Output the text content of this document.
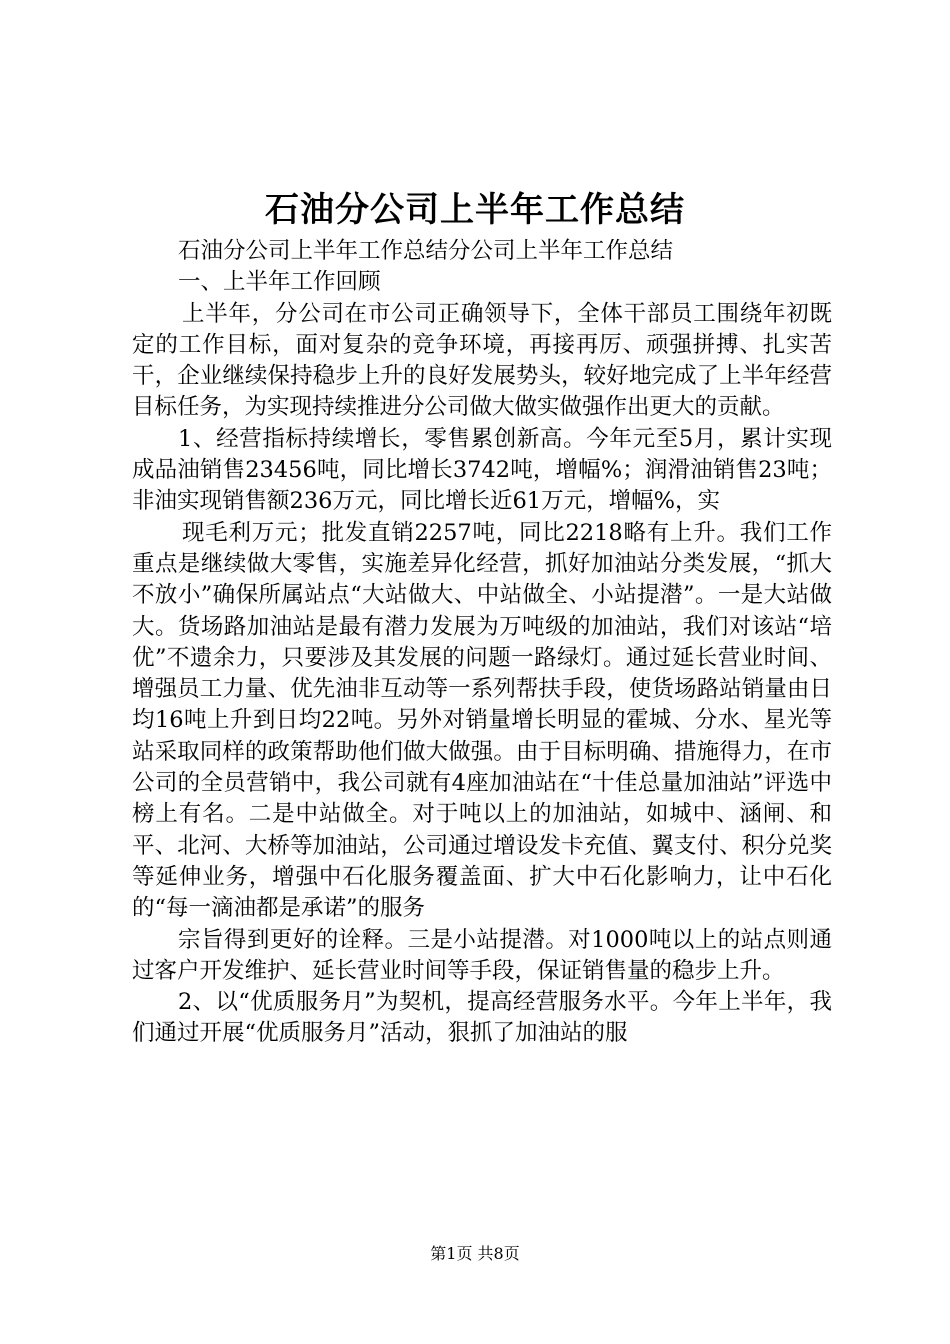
石油分公司上半年工作总结

石油分公司上半年工作总结分公司上半年工作总结

一、上半年工作回顾

上半年，分公司在市公司正确领导下，全体干部员工围绕年初既定的工作目标，面对复杂的竞争环境，再接再厉、顽强拼搏、扎实苦干，企业继续保持稳步上升的良好发展势头，较好地完成了上半年经营目标任务，为实现持续推进分公司做大做实做强作出更大的贡献。

1、经营指标持续增长，零售累创新高。今年元至5月，累计实现成品油销售23456吨，同比增长3742吨，增幅%；润滑油销售23吨；非油实现销售额236万元，同比增长近61万元，增幅%，实

现毛利万元；批发直销2257吨，同比2218略有上升。我们工作重点是继续做大零售，实施差异化经营，抓好加油站分类发展，“抓大不放小”确保所属站点“大站做大、中站做全、小站提潜”。一是大站做大。货场路加油站是最有潜力发展为万吨级的加油站，我们对该站“培优”不遗余力，只要涉及其发展的问题一路绿灯。通过延长营业时间、增强员工力量、优先油非互动等一系列帮扶手段，使货场路站销量由日均16吨上升到日均22吨。另外对销量增长明显的霍城、分水、星光等站采取同样的政策帮助他们做大做强。由于目标明确、措施得力，在市公司的全员营销中，我公司就有4座加油站在“十佳总量加油站”评选中榜上有名。二是中站做全。对于吨以上的加油站，如城中、涵闸、和平、北河、大桥等加油站，公司通过增设发卡充值、翼支付、积分兑奖等延伸业务，增强中石化服务覆盖面、扩大中石化影响力，让中石化的“每一滴油都是承诺”的服务

宗旨得到更好的诠释。三是小站提潜。对1000吨以上的站点则通过客户开发维护、延长营业时间等手段，保证销售量的稳步上升。

2、以“优质服务月”为契机，提高经营服务水平。今年上半年，我们通过开展“优质服务月”活动，狠抓了加油站的服

第1页 共8页
